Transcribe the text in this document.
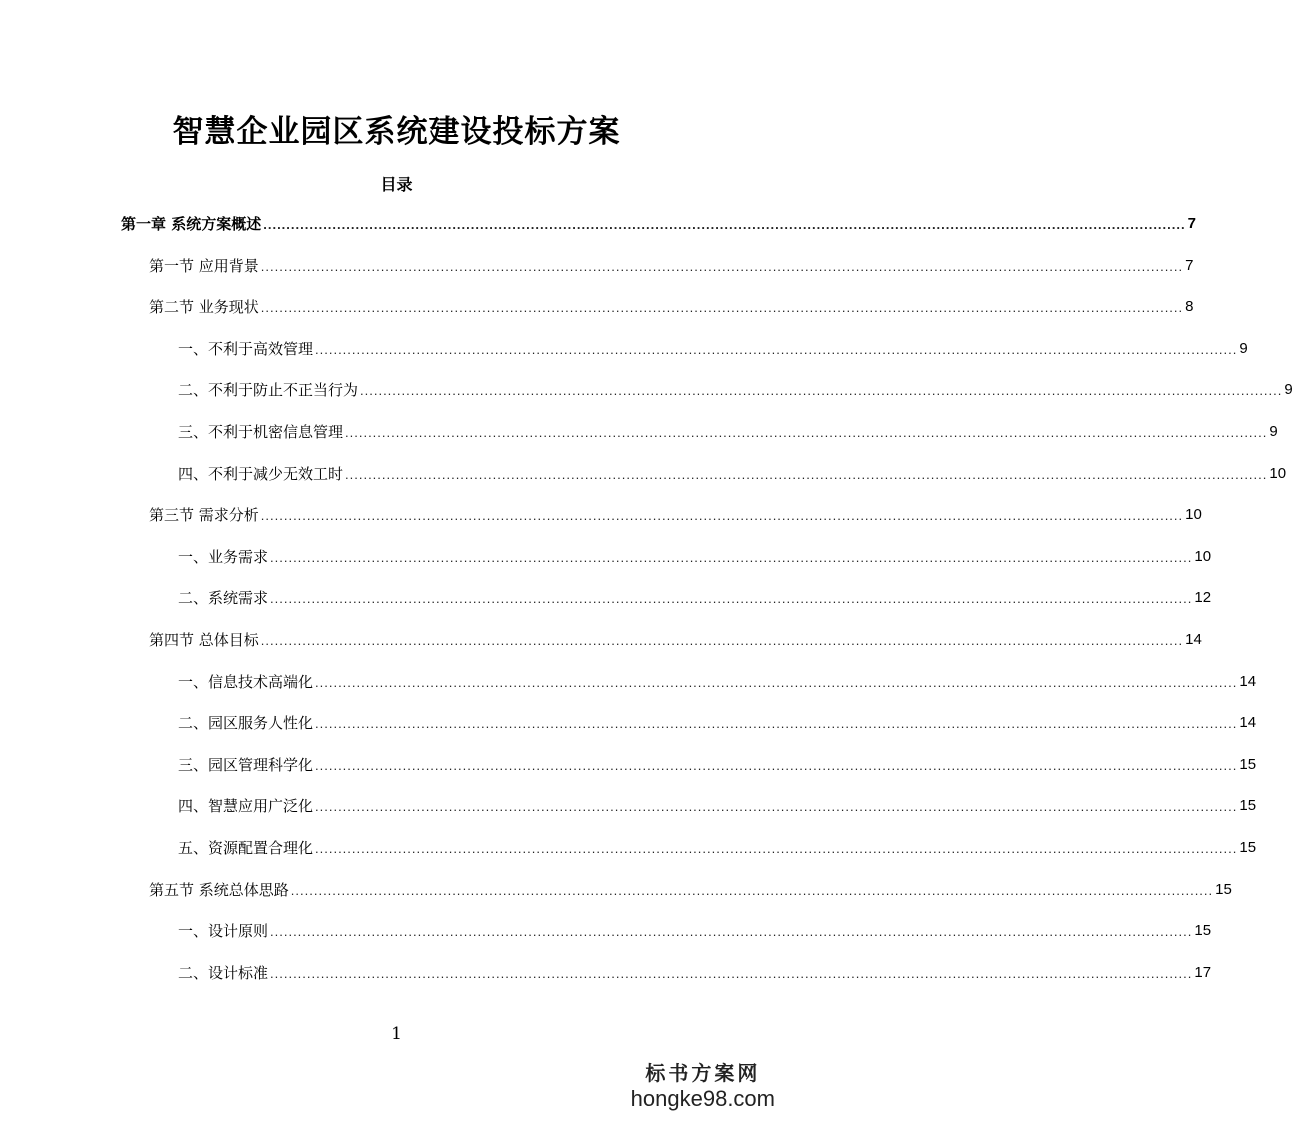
智慧企业园区系统建设投标方案
目录
第一章 系统方案概述 ........................................................................................................................................................................................................ 7
第一节 应用背景 ........................................................................................................................................................................................................ 7
第二节 业务现状 ........................................................................................................................................................................................................ 8
一、不利于高效管理 ........................................................................................................................................................................................................ 9
二、不利于防止不正当行为 ........................................................................................................................................................................................................ 9
三、不利于机密信息管理 ........................................................................................................................................................................................................ 9
四、不利于减少无效工时 ........................................................................................................................................................................................................ 10
第三节 需求分析 ........................................................................................................................................................................................................ 10
一、业务需求 ........................................................................................................................................................................................................ 10
二、系统需求 ........................................................................................................................................................................................................ 12
第四节 总体目标 ........................................................................................................................................................................................................ 14
一、信息技术高端化 ........................................................................................................................................................................................................ 14
二、园区服务人性化 ........................................................................................................................................................................................................ 14
三、园区管理科学化 ........................................................................................................................................................................................................ 15
四、智慧应用广泛化 ........................................................................................................................................................................................................ 15
五、资源配置合理化 ........................................................................................................................................................................................................ 15
第五节 系统总体思路 ........................................................................................................................................................................................................ 15
一、设计原则 ........................................................................................................................................................................................................ 15
二、设计标准 ........................................................................................................................................................................................................ 17
1
标书方案网
hongke98.com
